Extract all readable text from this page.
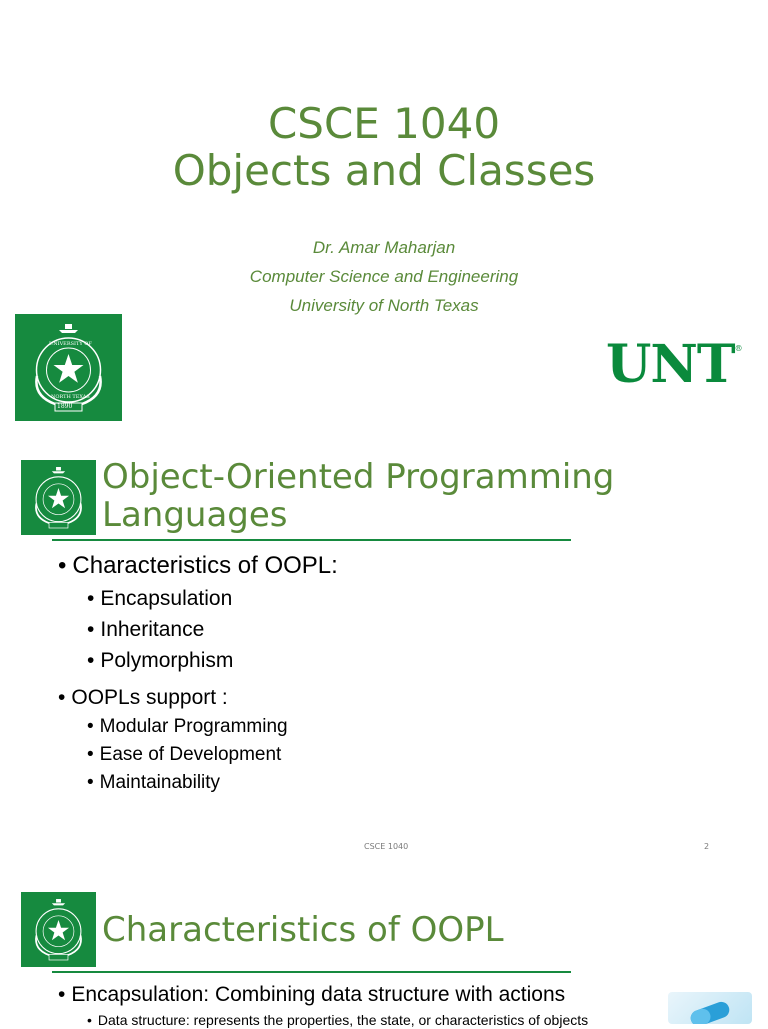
CSCE 1040
Objects and Classes
Dr. Amar Maharjan
Computer Science and Engineering
University of North Texas
1890
UNIVERSITY OF
NORTH TEXAS
UNT®
Object-Oriented Programming
Languages
• Characteristics of OOPL:
• Encapsulation
• Inheritance
• Polymorphism
• OOPLs support :
• Modular Programming
• Ease of Development
• Maintainability
CSCE 1040	2
Characteristics of OOPL
• Encapsulation: Combining data structure with actions
• Data structure: represents the properties, the state, or characteristics of objects
